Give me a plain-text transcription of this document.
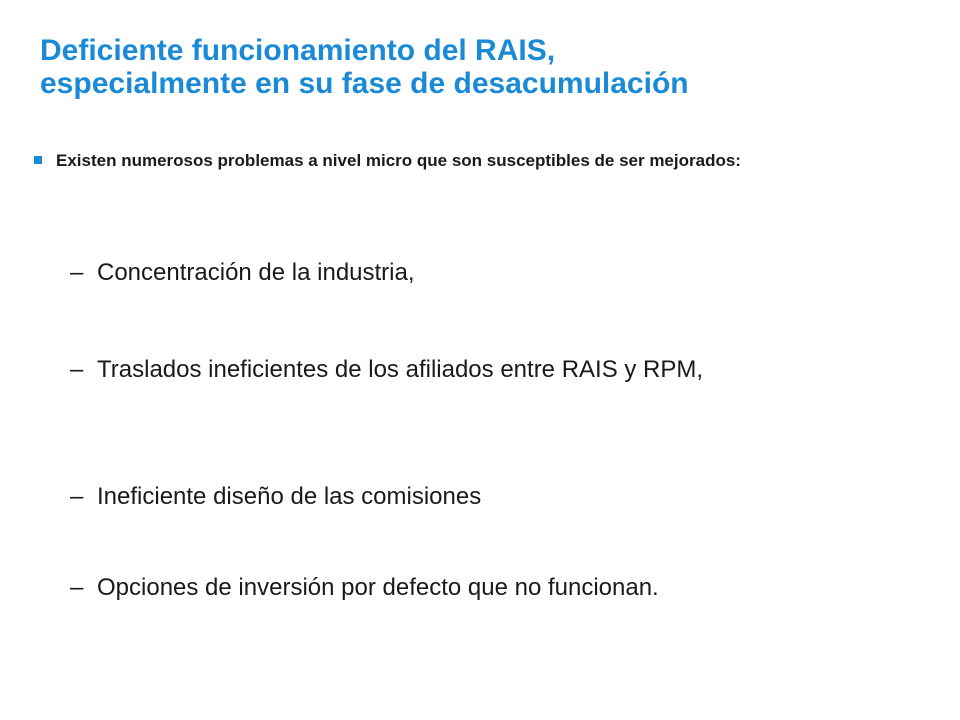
Deficiente funcionamiento del RAIS,
especialmente en su fase de desacumulación
Existen numerosos problemas a nivel micro que son susceptibles de ser mejorados:
– Concentración de la industria,
– Traslados ineficientes de los afiliados entre RAIS y RPM,
– Ineficiente diseño de las comisiones
– Opciones de inversión por defecto que no funcionan.
